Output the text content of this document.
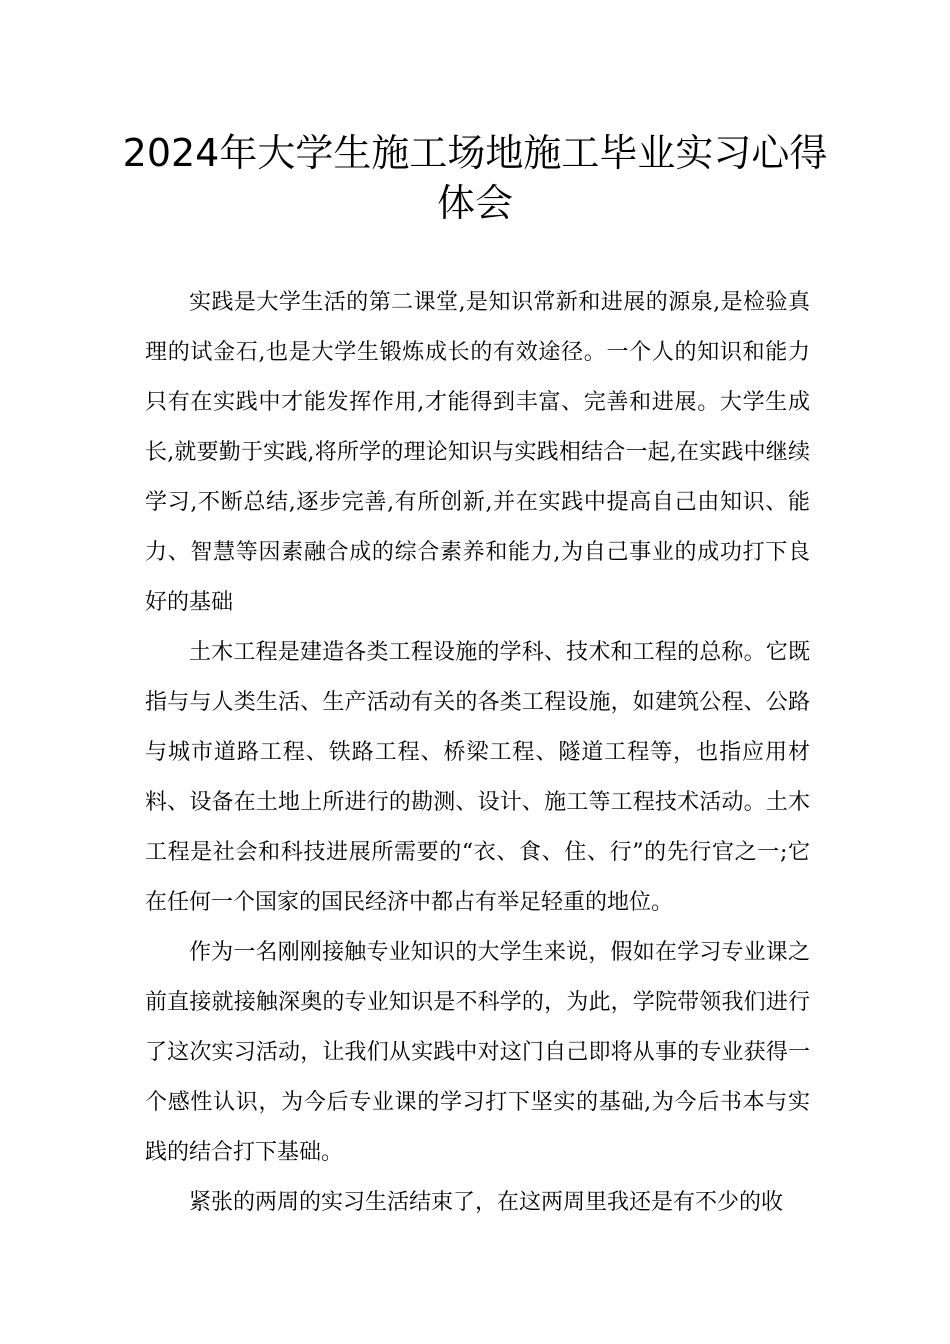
2024年大学生施工场地施工毕业实习心得体会

实践是大学生活的第二课堂,是知识常新和进展的源泉,是检验真理的试金石,也是大学生锻炼成长的有效途径。一个人的知识和能力只有在实践中才能发挥作用,才能得到丰富、完善和进展。大学生成长,就要勤于实践,将所学的理论知识与实践相结合一起,在实践中继续学习,不断总结,逐步完善,有所创新,并在实践中提高自己由知识、能力、智慧等因素融合成的综合素养和能力,为自己事业的成功打下良好的基础

土木工程是建造各类工程设施的学科、技术和工程的总称。它既指与与人类生活、生产活动有关的各类工程设施，如建筑公程、公路与城市道路工程、铁路工程、桥梁工程、隧道工程等，也指应用材料、设备在土地上所进行的勘测、设计、施工等工程技术活动。土木工程是社会和科技进展所需要的“衣、食、住、行”的先行官之一;它在任何一个国家的国民经济中都占有举足轻重的地位。

作为一名刚刚接触专业知识的大学生来说，假如在学习专业课之前直接就接触深奥的专业知识是不科学的，为此，学院带领我们进行了这次实习活动，让我们从实践中对这门自己即将从事的专业获得一个感性认识，为今后专业课的学习打下坚实的基础,为今后书本与实践的结合打下基础。

紧张的两周的实习生活结束了，在这两周里我还是有不少的收
